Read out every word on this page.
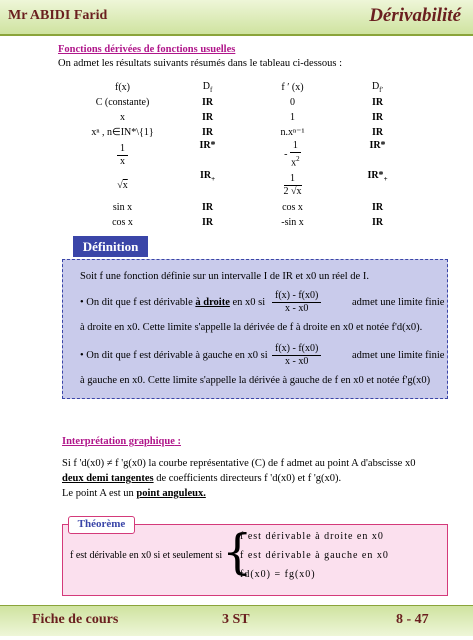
Mr ABIDI Farid	Dérivabilité
Fonctions dérivées de fonctions usuelles
On admet les résultats suivants résumés dans le tableau ci-dessous :
f(x)	$D_f$	f ′ (x)	$D_{f'}$
C (constante)	IR	0	IR
x	IR	1	IR
xⁿ , n∈IN*\{1}	IR	n.xⁿ⁻¹	IR

$\frac{1}{x}$	IR*	- $\frac{1}{x^2}$	IR*
√x	$IR_+$	$\frac{1}{2 √x}$	$IR*_+$
sin x	IR	cos x	IR
cos x	IR	-sin x	IR
Définition
Soit f une fonction définie sur un intervalle I de IR et x0 un réel de I.
• On dit que f est dérivable à droite en x0 si $\frac{f(x) - f(x0)}{x - x0}$	admet une limite finie
à droite en x0. Cette limite s'appelle la dérivée de f à droite en x0 et notée f'd(x0).
• On dit que f est dérivable à gauche en x0 si $\frac{f(x) - f(x0)}{x - x0}$	admet une limite finie
à gauche en x0. Cette limite s'appelle la dérivée à gauche de f en x0 et notée f'g(x0)
Interprétation graphique :
Si f 'd(x0) ≠ f 'g(x0) la courbe représentative (C) de f admet au point A d'abscisse x0
deux demi tangentes de coefficients directeurs f 'd(x0) et f 'g(x0).
Le point A est un point anguleux.
Théorème
f est dérivable en x0 si et seulement si {
f est dérivable à droite en x0
f est dérivable à gauche en x0
fd(x0) = fg(x0)
Fiche de cours	3 ST	8 - 47
